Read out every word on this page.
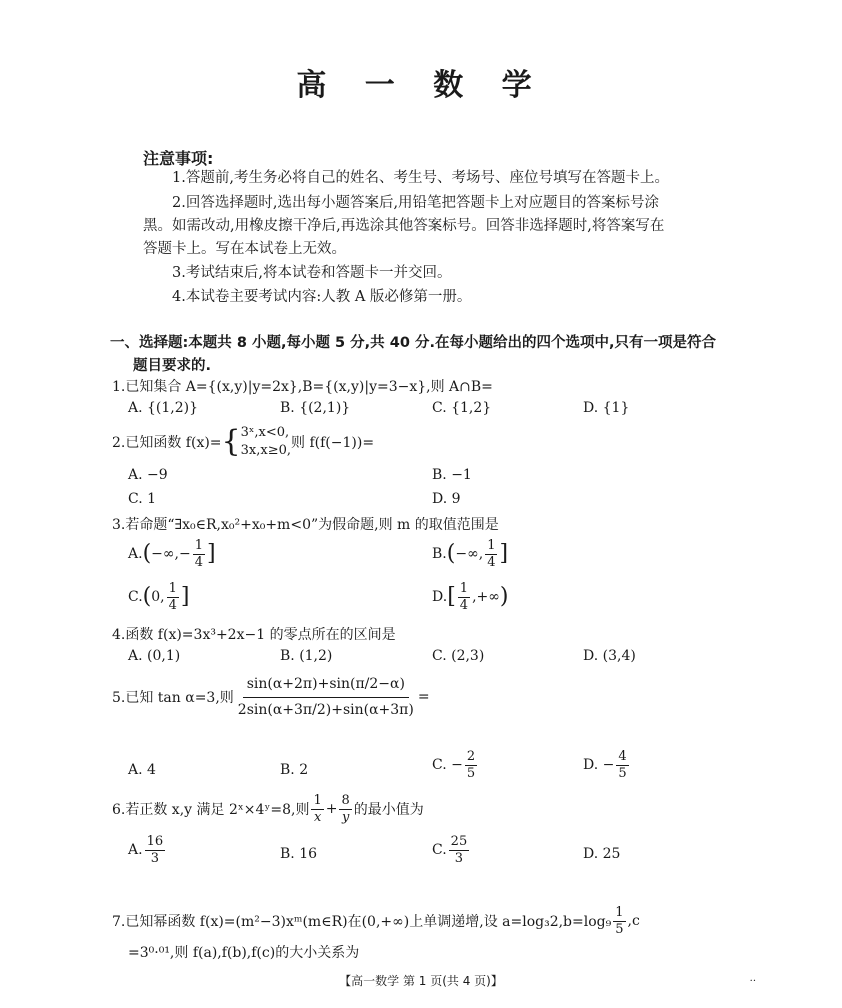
高 一 数 学
注意事项:
1.答题前,考生务必将自己的姓名、考生号、考场号、座位号填写在答题卡上。
2.回答选择题时,选出每小题答案后,用铅笔把答题卡上对应题目的答案标号涂
黑。如需改动,用橡皮擦干净后,再选涂其他答案标号。回答非选择题时,将答案写在
答题卡上。写在本试卷上无效。
3.考试结束后,将本试卷和答题卡一并交回。
4.本试卷主要考试内容:人教 A 版必修第一册。
一、选择题:本题共 8 小题,每小题 5 分,共 40 分.在每小题给出的四个选项中,只有一项是符合
题目要求的.
1.已知集合 A={(x,y)|y=2x},B={(x,y)|y=3−x},则 A∩B=
A. {(1,2)}	B. {(2,1)}	C. {1,2}	D. {1}
2.已知函数 f(x)= { 3ˣ,x<0,
3x,x≥0, 则 f(f(−1))=
A. −9	B. −1
C. 1	D. 9
3.若命题“∃x₀∈R,x₀²+x₀+m<0”为假命题,则 m 的取值范围是
A. ( −∞,− $\frac{1}{4}$ ]	B. ( −∞, $\frac{1}{4}$ ]
C. ( 0, $\frac{1}{4}$ ]	D. [ $\frac{1}{4}$ ,+∞ )
4.函数 f(x)=3x³+2x−1 的零点所在的区间是
A. (0,1)	B. (1,2)	C. (2,3)	D. (3,4)
5.已知 tan α=3,则 $\frac{\sin(\alpha+2\pi)+\sin(\pi/2-\alpha)}{2\sin(\alpha+3\pi/2)+\sin(\alpha+3\pi)}$ =
A. 4	B. 2	C. − $\frac{2}{5}$	D. − $\frac{4}{5}$
6.若正数 x,y 满足 2ˣ×4ʸ=8,则 $\frac{1}{x} + \frac{8}{y}$ 的最小值为
A. $\frac{16}{3}$	B. 16	C. $\frac{25}{3}$	D. 25
7.已知幂函数 f(x)=(m²−3)xᵐ(m∈R)在(0,+∞)上单调递增,设 $a=\log_32,b=\log_9 \frac{1}{5} ,c$
=3⁰·⁰¹,则 f(a),f(b),f(c)的大小关系为
【高一数学 第 1 页(共 4 页)】	··
